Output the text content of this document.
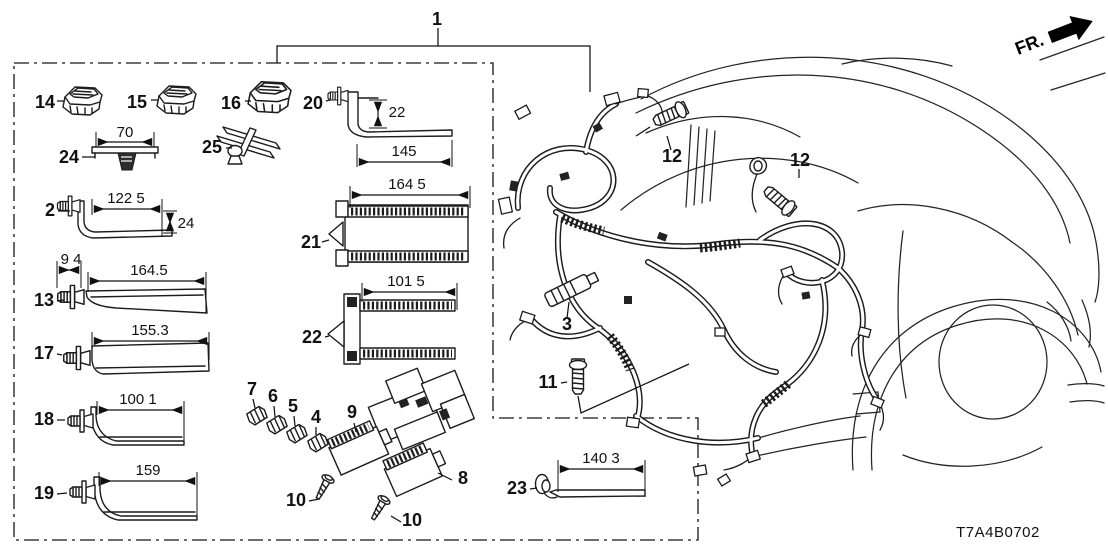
1
14	15	16
70
24	25
22
145
20
122 5
24
2
9 4
164.5
13
155.3
17
100 1
18
159
19
164 5
21
101 5
22
7 6 5
4 9
8
10
10
3
11
12	12
140 3
23
FR.
T7A4B0702
